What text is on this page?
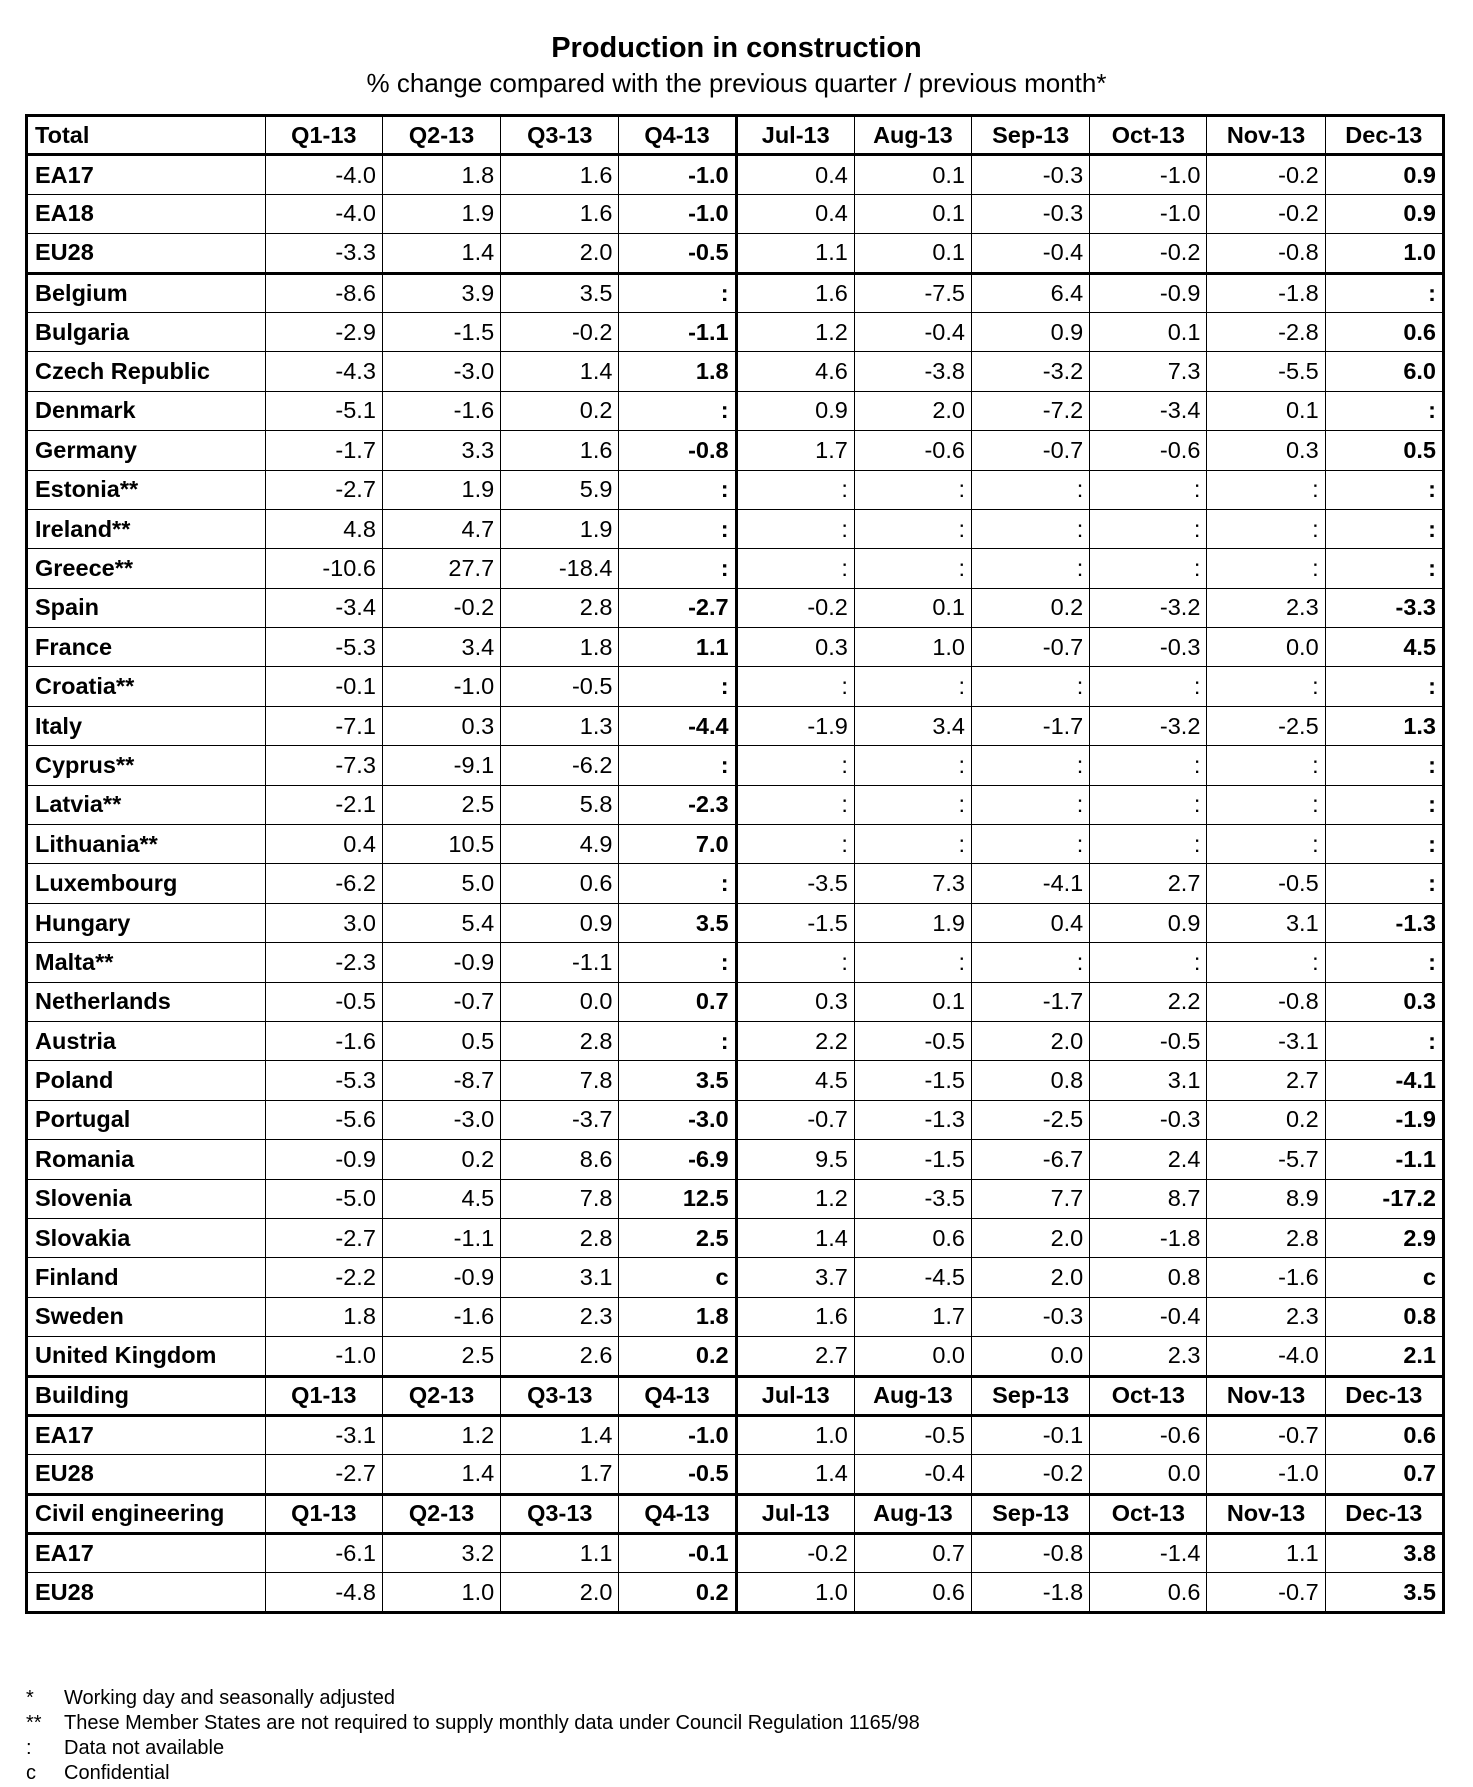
Production in construction
% change compared with the previous quarter / previous month*
Total	Q1-13	Q2-13	Q3-13	Q4-13	Jul-13	Aug-13	Sep-13	Oct-13	Nov-13	Dec-13
EA17	-4.0	1.8	1.6	-1.0	0.4	0.1	-0.3	-1.0	-0.2	0.9
EA18	-4.0	1.9	1.6	-1.0	0.4	0.1	-0.3	-1.0	-0.2	0.9
EU28	-3.3	1.4	2.0	-0.5	1.1	0.1	-0.4	-0.2	-0.8	1.0
Belgium	-8.6	3.9	3.5	:	1.6	-7.5	6.4	-0.9	-1.8	:
Bulgaria	-2.9	-1.5	-0.2	-1.1	1.2	-0.4	0.9	0.1	-2.8	0.6
Czech Republic	-4.3	-3.0	1.4	1.8	4.6	-3.8	-3.2	7.3	-5.5	6.0
Denmark	-5.1	-1.6	0.2	:	0.9	2.0	-7.2	-3.4	0.1	:
Germany	-1.7	3.3	1.6	-0.8	1.7	-0.6	-0.7	-0.6	0.3	0.5
Estonia**	-2.7	1.9	5.9	:	:	:	:	:	:	:
Ireland**	4.8	4.7	1.9	:	:	:	:	:	:	:
Greece**	-10.6	27.7	-18.4	:	:	:	:	:	:	:
Spain	-3.4	-0.2	2.8	-2.7	-0.2	0.1	0.2	-3.2	2.3	-3.3
France	-5.3	3.4	1.8	1.1	0.3	1.0	-0.7	-0.3	0.0	4.5
Croatia**	-0.1	-1.0	-0.5	:	:	:	:	:	:	:
Italy	-7.1	0.3	1.3	-4.4	-1.9	3.4	-1.7	-3.2	-2.5	1.3
Cyprus**	-7.3	-9.1	-6.2	:	:	:	:	:	:	:
Latvia**	-2.1	2.5	5.8	-2.3	:	:	:	:	:	:
Lithuania**	0.4	10.5	4.9	7.0	:	:	:	:	:	:
Luxembourg	-6.2	5.0	0.6	:	-3.5	7.3	-4.1	2.7	-0.5	:
Hungary	3.0	5.4	0.9	3.5	-1.5	1.9	0.4	0.9	3.1	-1.3
Malta**	-2.3	-0.9	-1.1	:	:	:	:	:	:	:
Netherlands	-0.5	-0.7	0.0	0.7	0.3	0.1	-1.7	2.2	-0.8	0.3
Austria	-1.6	0.5	2.8	:	2.2	-0.5	2.0	-0.5	-3.1	:
Poland	-5.3	-8.7	7.8	3.5	4.5	-1.5	0.8	3.1	2.7	-4.1
Portugal	-5.6	-3.0	-3.7	-3.0	-0.7	-1.3	-2.5	-0.3	0.2	-1.9
Romania	-0.9	0.2	8.6	-6.9	9.5	-1.5	-6.7	2.4	-5.7	-1.1
Slovenia	-5.0	4.5	7.8	12.5	1.2	-3.5	7.7	8.7	8.9	-17.2
Slovakia	-2.7	-1.1	2.8	2.5	1.4	0.6	2.0	-1.8	2.8	2.9
Finland	-2.2	-0.9	3.1	c	3.7	-4.5	2.0	0.8	-1.6	c
Sweden	1.8	-1.6	2.3	1.8	1.6	1.7	-0.3	-0.4	2.3	0.8
United Kingdom	-1.0	2.5	2.6	0.2	2.7	0.0	0.0	2.3	-4.0	2.1
Building	Q1-13	Q2-13	Q3-13	Q4-13	Jul-13	Aug-13	Sep-13	Oct-13	Nov-13	Dec-13
EA17	-3.1	1.2	1.4	-1.0	1.0	-0.5	-0.1	-0.6	-0.7	0.6
EU28	-2.7	1.4	1.7	-0.5	1.4	-0.4	-0.2	0.0	-1.0	0.7
Civil engineering	Q1-13	Q2-13	Q3-13	Q4-13	Jul-13	Aug-13	Sep-13	Oct-13	Nov-13	Dec-13
EA17	-6.1	3.2	1.1	-0.1	-0.2	0.7	-0.8	-1.4	1.1	3.8
EU28	-4.8	1.0	2.0	0.2	1.0	0.6	-1.8	0.6	-0.7	3.5
*	Working day and seasonally adjusted
**	These Member States are not required to supply monthly data under Council Regulation 1165/98
:	Data not available
c	Confidential
